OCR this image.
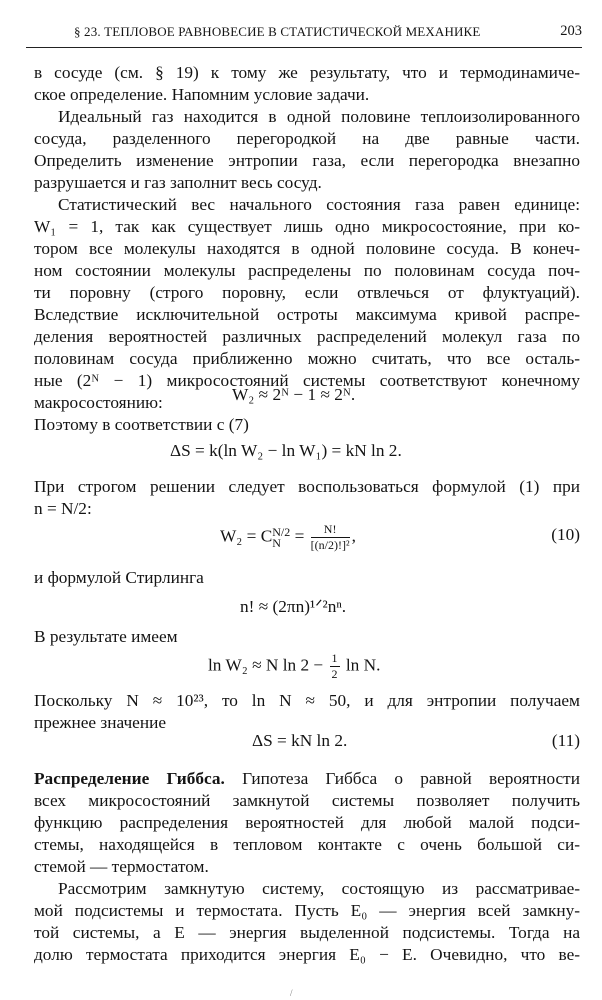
§ 23. ТЕПЛОВОЕ РАВНОВЕСИЕ В СТАТИСТИЧЕСКОЙ МЕХАНИКЕ	203
в сосуде (см. § 19) к тому же результату, что и термодинамиче-
ское определение. Напомним условие задачи.
Идеальный газ находится в одной половине теплоизолированного
сосуда, разделенного перегородкой на две равные части.
Определить изменение энтропии газа, если перегородка внезапно
разрушается и газ заполнит весь сосуд.
Статистический вес начального состояния газа равен единице:
W₁ = 1, так как существует лишь одно микросостояние, при ко-
тором все молекулы находятся в одной половине сосуда. В конеч-
ном состоянии молекулы распределены по половинам сосуда поч-
ти поровну (строго поровну, если отвлечься от флуктуаций).
Вследствие исключительной остроты максимума кривой распре-
деления вероятностей различных распределений молекул газа по
половинам сосуда приближенно можно считать, что все осталь-
ные (2ᴺ − 1) микросостояний системы соответствуют конечному
макросостоянию:	W₂ ≈ 2ᴺ − 1 ≈ 2ᴺ.
Поэтому в соответствии с (7)
ΔS = k(ln W₂ − ln W₁) = kN ln 2.
При строгом решении следует воспользоваться формулой (1) при
n = N/2:
W₂ = C N/2
$N = \frac{N!}{\text{[(n/2)!]²}}$ ,	(10)
и формулой Стирлинга
n! ≈ (2πn)¹ᐟ²nⁿ.
В результате имеем
ln W₂ ≈ N $\ln 2 - \frac{1}{2}$ ln N.
Поскольку N ≈ 10²³, то ln N ≈ 50, и для энтропии получаем
прежнее значение
ΔS = kN ln 2.	(11)
Распределение Гиббса. Гипотеза Гиббса о равной вероятности
всех микросостояний замкнутой системы позволяет получить
функцию распределения вероятностей для любой малой подси-
стемы, находящейся в тепловом контакте с очень большой си-
стемой — термостатом.
Рассмотрим замкнутую систему, состоящую из рассматривае-
мой подсистемы и термостата. Пусть E₀ — энергия всей замкну-
той системы, а E — энергия выделенной подсистемы. Тогда на
долю термостата приходится энергия E₀ − E. Очевидно, что ве-
/
